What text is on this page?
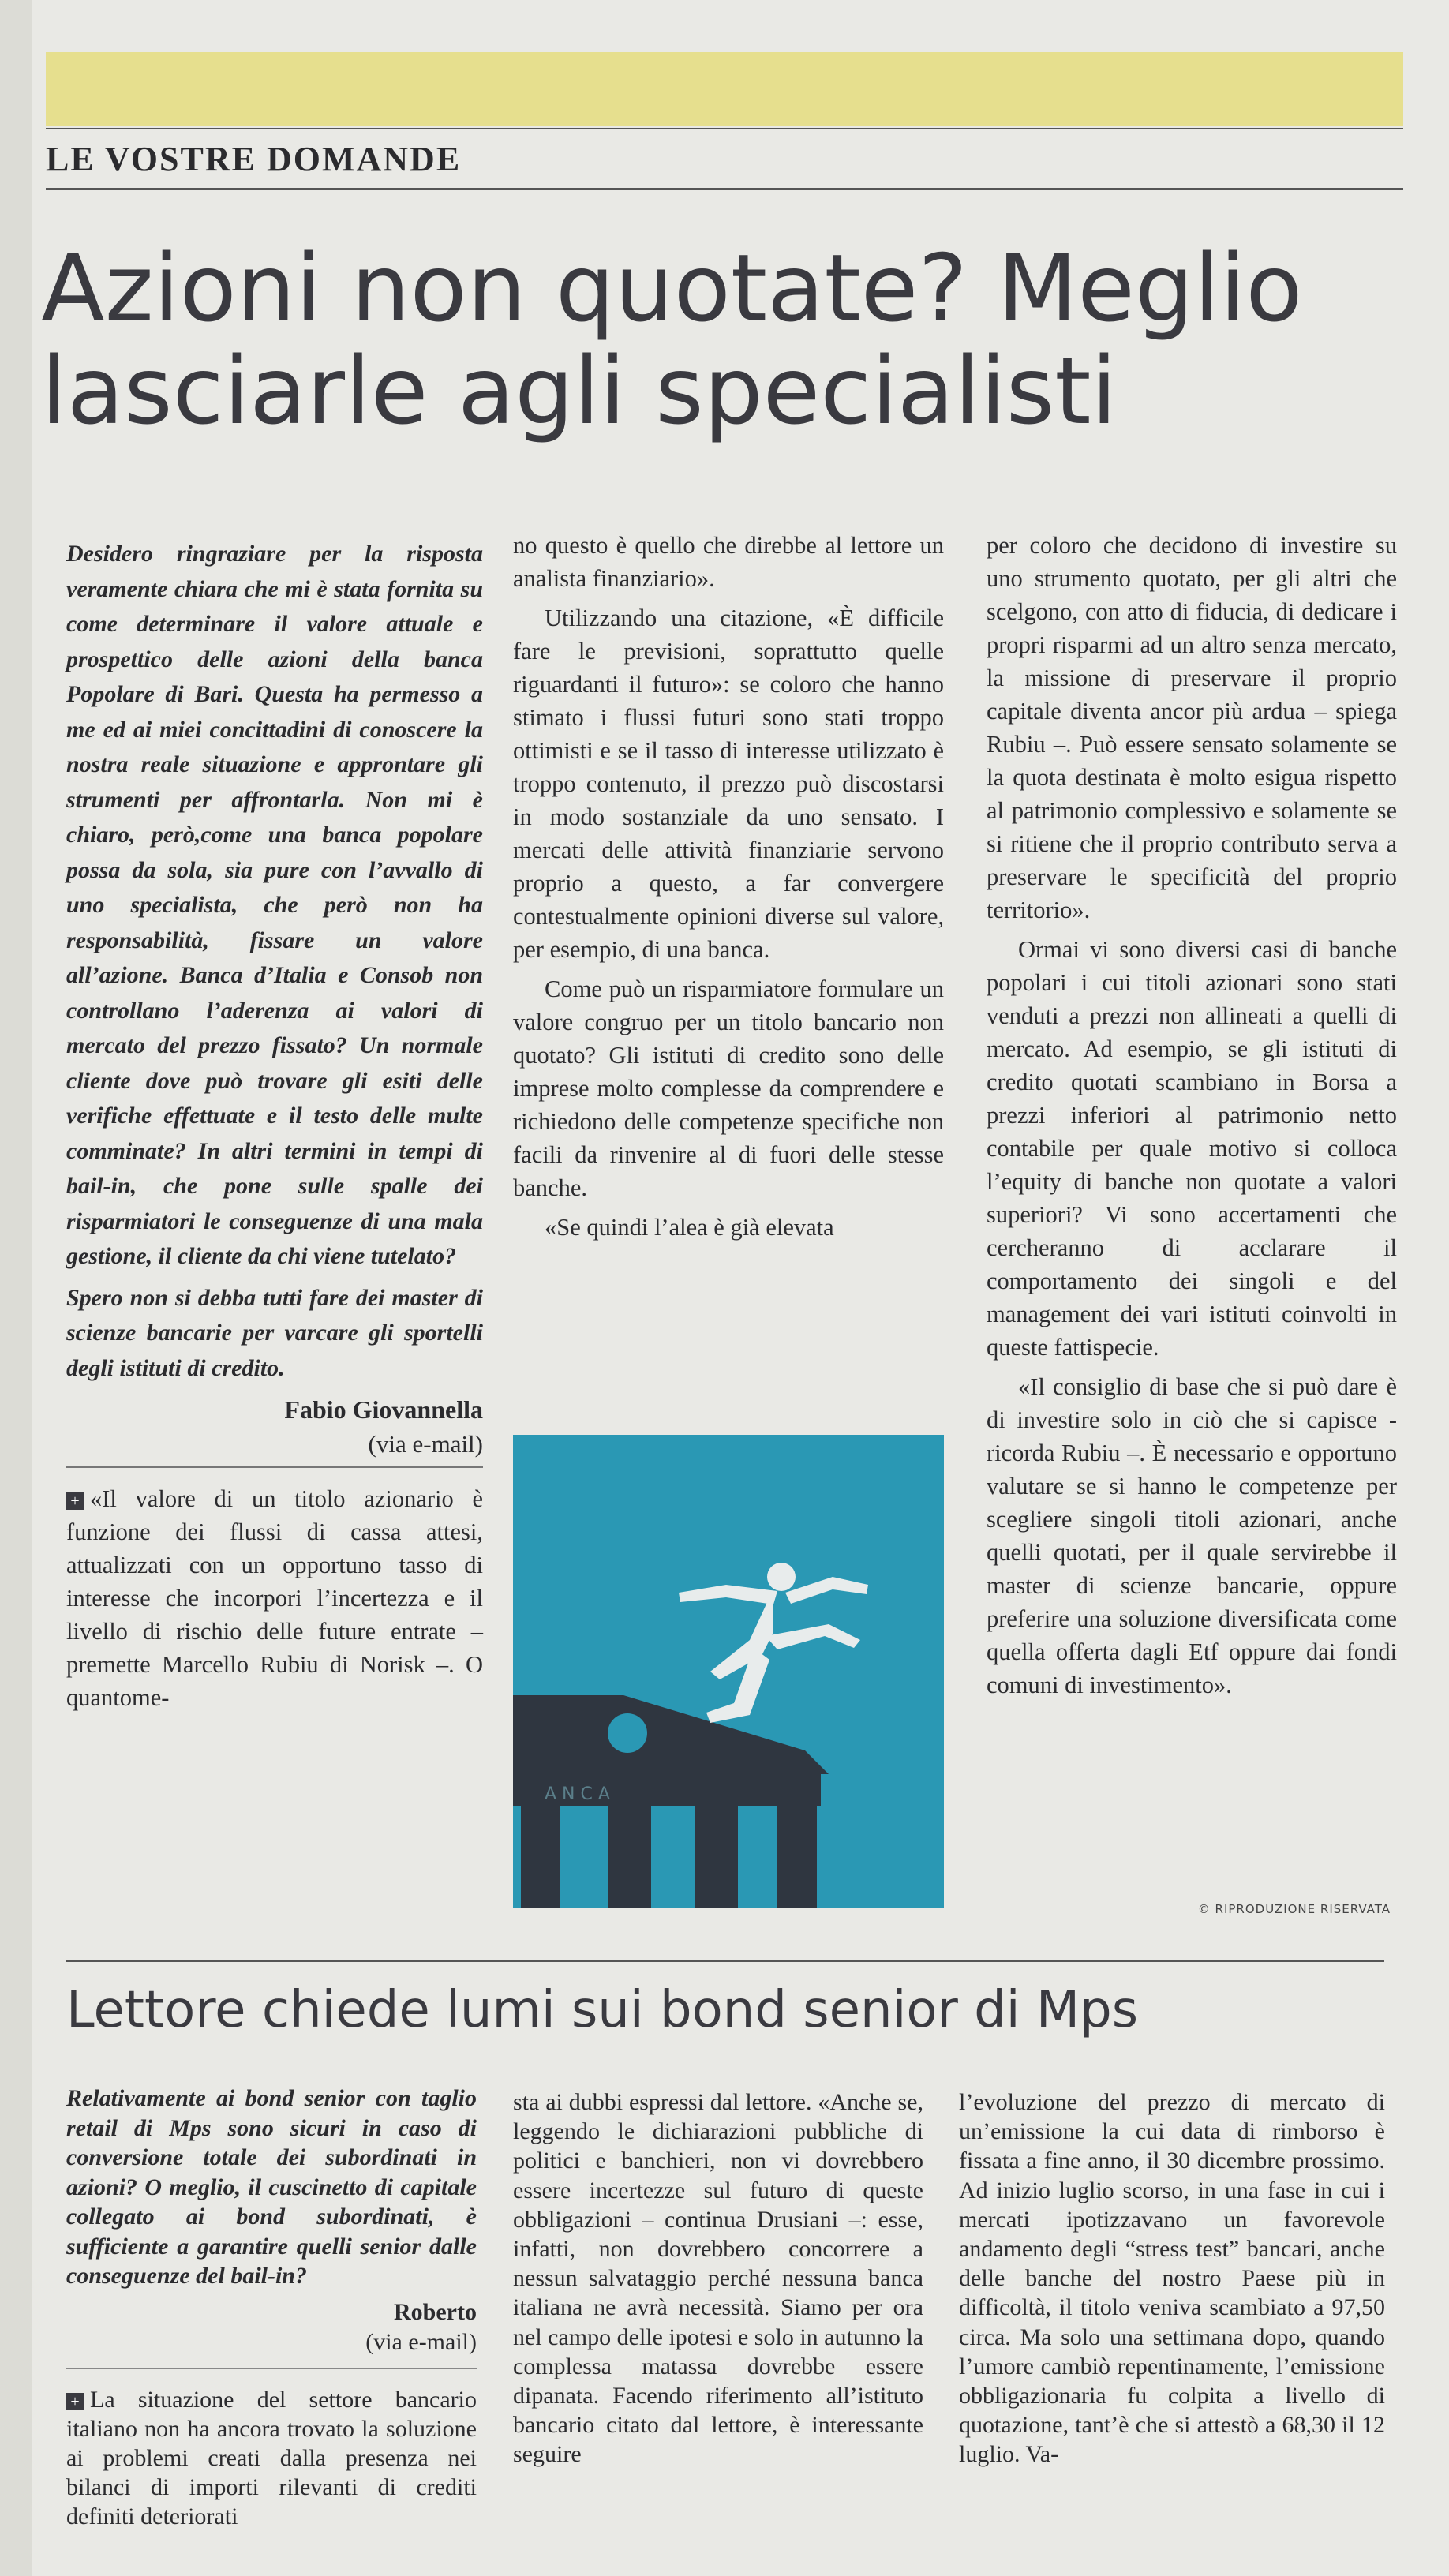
LE VOSTRE DOMANDE
Azioni non quotate? Meglio
lasciarle agli specialisti

Desidero ringraziare per la risposta veramente chiara che mi è stata fornita su come determinare il valore attuale e prospettico delle azioni della banca Popolare di Bari. Questa ha permesso a me ed ai miei concittadini di conoscere la nostra reale situazione e approntare gli strumenti per affrontarla. Non mi è chiaro, però,come una banca popolare possa da sola, sia pure con l’avvallo di uno specialista, che però non ha responsabilità, fissare un valore all’azione. Banca d’Italia e Consob non controllano l’aderenza ai valori di mercato del prezzo fissato? Un normale cliente dove può trovare gli esiti delle verifiche effettuate e il testo delle multe comminate? In altri termini in tempi di bail-in, che pone sulle spalle dei risparmiatori le conseguenze di una mala gestione, il cliente da chi viene tutelato?

Spero non si debba tutti fare dei master di scienze bancarie per varcare gli sportelli degli istituti di credito.

Fabio Giovannella
(via e-mail)

+ «Il valore di un titolo azionario è funzione dei flussi di cassa attesi, attualizzati con un opportuno tasso di interesse che incorpori l’incertezza e il livello di rischio delle future entrate – premette Marcello Rubiu di Norisk –. O quantome-

no questo è quello che direbbe al lettore un analista finanziario».

Utilizzando una citazione, «È difficile fare le previsioni, soprattutto quelle riguardanti il futuro»: se coloro che hanno stimato i flussi futuri sono stati troppo ottimisti e se il tasso di interesse utilizzato è troppo contenuto, il prezzo può discostarsi in modo sostanziale da uno sensato. I mercati delle attività finanziarie servono proprio a questo, a far convergere contestualmente opinioni diverse sul valore, per esempio, di una banca.

Come può un risparmiatore formulare un valore congruo per un titolo bancario non quotato? Gli istituti di credito sono delle imprese molto complesse da comprendere e richiedono delle competenze specifiche non facili da rinvenire al di fuori delle stesse banche.

«Se quindi l’alea è già elevata

A N C A

per coloro che decidono di investire su uno strumento quotato, per gli altri che scelgono, con atto di fiducia, di dedicare i propri risparmi ad un altro senza mercato, la missione di preservare il proprio capitale diventa ancor più ardua – spiega Rubiu –. Può essere sensato solamente se la quota destinata è molto esigua rispetto al patrimonio complessivo e solamente se si ritiene che il proprio contributo serva a preservare le specificità del proprio territorio».

Ormai vi sono diversi casi di banche popolari i cui titoli azionari sono stati venduti a prezzi non allineati a quelli di mercato. Ad esempio, se gli istituti di credito quotati scambiano in Borsa a prezzi inferiori al patrimonio netto contabile per quale motivo si colloca l’equity di banche non quotate a valori superiori? Vi sono accertamenti che cercheranno di acclarare il comportamento dei singoli e del management dei vari istituti coinvolti in queste fattispecie.

«Il consiglio di base che si può dare è di investire solo in ciò che si capisce - ricorda Rubiu –. È necessario e opportuno valutare se si hanno le competenze per scegliere singoli titoli azionari, anche quelli quotati, per il quale servirebbe il master di scienze bancarie, oppure preferire una soluzione diversificata come quella offerta dagli Etf oppure dai fondi comuni di investimento».

© RIPRODUZIONE RISERVATA
Lettore chiede lumi sui bond senior di Mps

Relativamente ai bond senior con taglio retail di Mps sono sicuri in caso di conversione totale dei subordinati in azioni? O meglio, il cuscinetto di capitale collegato ai bond subordinati, è sufficiente a garantire quelli senior dalle conseguenze del bail-in?

Roberto
(via e-mail)

+ La situazione del settore bancario italiano non ha ancora trovato la soluzione ai problemi creati dalla presenza nei bilanci di importi rilevanti di crediti definiti deteriorati

sta ai dubbi espressi dal lettore. «Anche se, leggendo le dichiarazioni pubbliche di politici e banchieri, non vi dovrebbero essere incertezze sul futuro di queste obbligazioni – continua Drusiani –: esse, infatti, non dovrebbero concorrere a nessun salvataggio perché nessuna banca italiana ne avrà necessità. Siamo per ora nel campo delle ipotesi e solo in autunno la complessa matassa dovrebbe essere dipanata. Facendo riferimento all’istituto bancario citato dal lettore, è interessante seguire

l’evoluzione del prezzo di mercato di un’emissione la cui data di rimborso è fissata a fine anno, il 30 dicembre prossimo. Ad inizio luglio scorso, in una fase in cui i mercati ipotizzavano un favorevole andamento degli “stress test” bancari, anche delle banche del nostro Paese più in difficoltà, il titolo veniva scambiato a 97,50 circa. Ma solo una settimana dopo, quando l’umore cambiò repentinamente, l’emissione obbligazionaria fu colpita a livello di quotazione, tant’è che si attestò a 68,30 il 12 luglio. Va-
